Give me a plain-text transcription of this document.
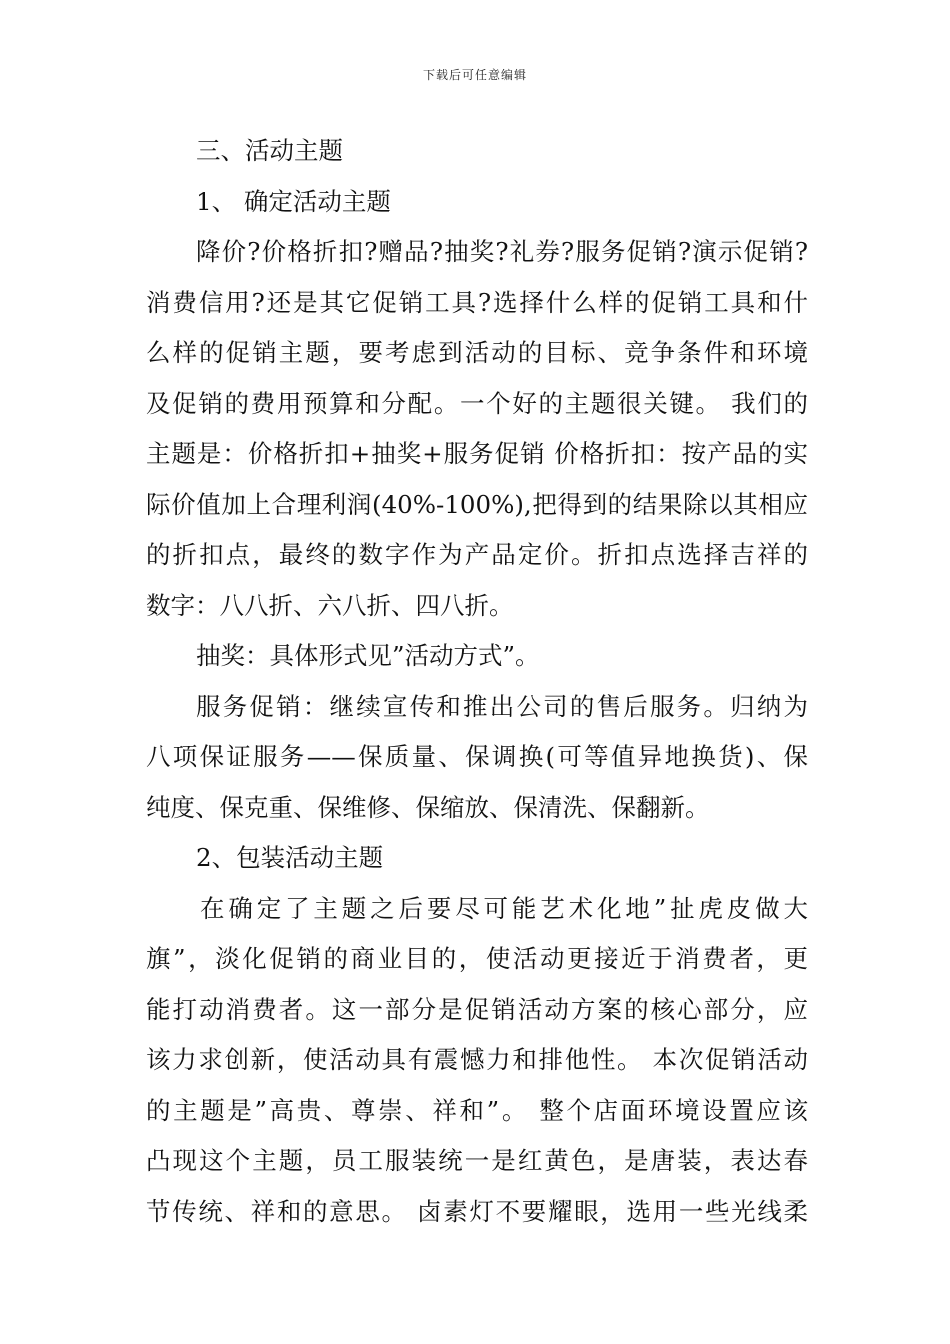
下载后可任意编辑
三、活动主题
1、 确定活动主题
降价?价格折扣?赠品?抽奖?礼券?服务促销?演示促销?
消费信用?还是其它促销工具?选择什么样的促销工具和什
么样的促销主题，要考虑到活动的目标、竞争条件和环境
及促销的费用预算和分配。一个好的主题很关键。 我们的
主题是：价格折扣+抽奖+服务促销 价格折扣：按产品的实
际价值加上合理利润(40%-100%),把得到的结果除以其相应
的折扣点，最终的数字作为产品定价。折扣点选择吉祥的
数字：八八折、六八折、四八折。
抽奖：具体形式见”活动方式”。
服务促销：继续宣传和推出公司的售后服务。归纳为
八项保证服务——保质量、保调换(可等值异地换货)、保
纯度、保克重、保维修、保缩放、保清洗、保翻新。
2、包装活动主题
在确定了主题之后要尽可能艺术化地”扯虎皮做大
旗”，淡化促销的商业目的，使活动更接近于消费者，更
能打动消费者。这一部分是促销活动方案的核心部分，应
该力求创新，使活动具有震憾力和排他性。 本次促销活动
的主题是”高贵、尊崇、祥和”。 整个店面环境设置应该
凸现这个主题，员工服装统一是红黄色，是唐装，表达春
节传统、祥和的意思。 卤素灯不要耀眼，选用一些光线柔
